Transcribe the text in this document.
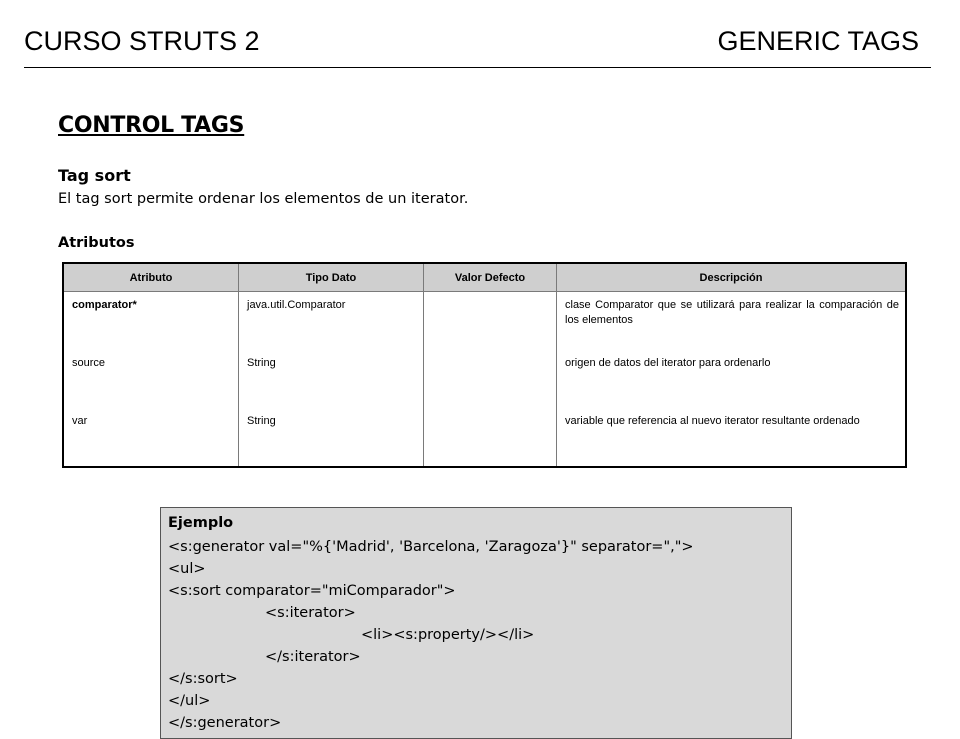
CURSO STRUTS 2	GENERIC TAGS
CONTROL TAGS
Tag sort
El tag sort permite ordenar los elementos de un iterator.
Atributos
Atributo	Tipo Dato	Valor Defecto	Descripción
comparator*	java.util.Comparator		clase Comparator que se utilizará para realizar la comparación de los elementos
source	String		origen de datos del iterator para ordenarlo
var	String		variable que referencia al nuevo iterator resultante ordenado
Ejemplo
<s:generator val="%{'Madrid', 'Barcelona, 'Zaragoza'}" separator=",">
<ul>
<s:sort comparator="miComparador">
<s:iterator>
<li><s:property/></li>
</s:iterator>
</s:sort>
</ul>
</s:generator>
